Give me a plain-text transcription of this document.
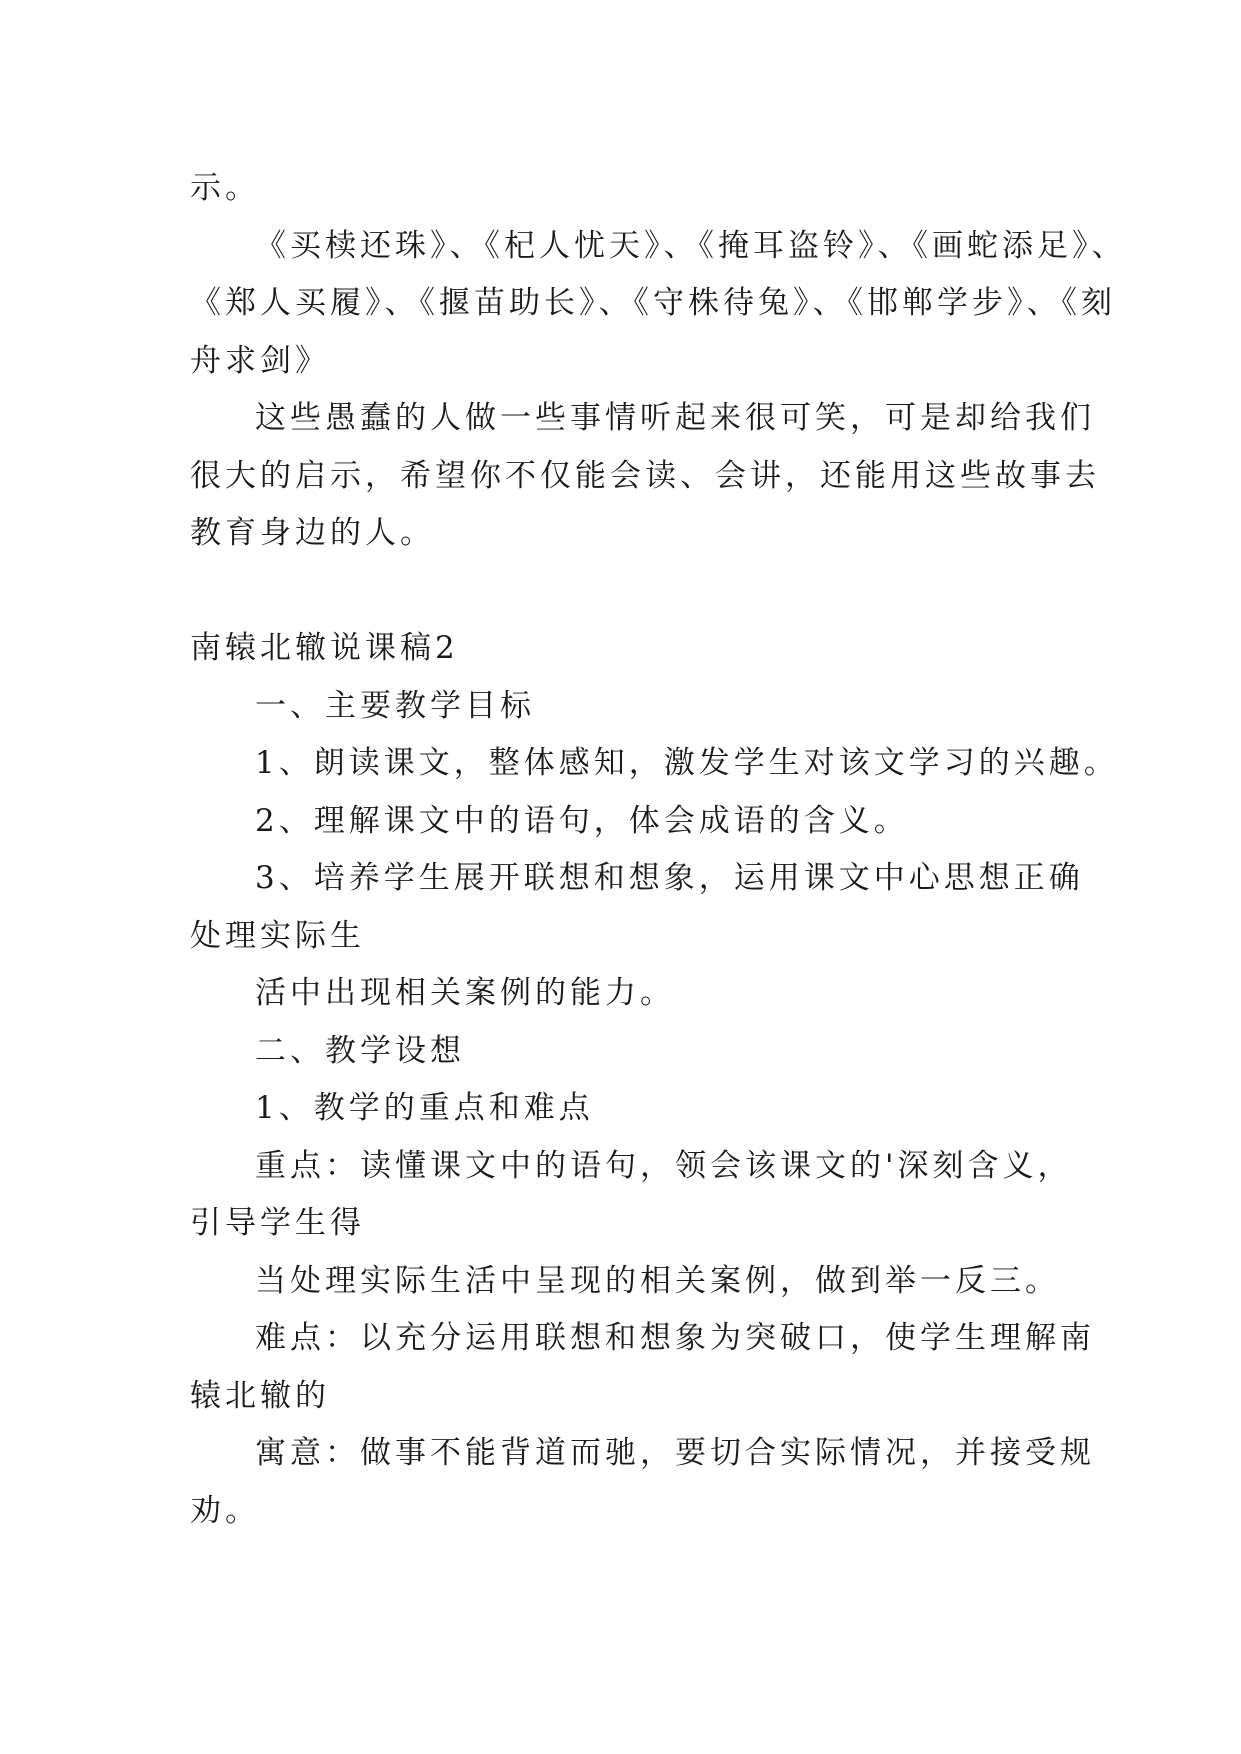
示。
《买椟还珠》、《杞人忧天》、《掩耳盗铃》、《画蛇添足》、
《郑人买履》、《揠苗助长》、《守株待兔》、《邯郸学步》、《刻
舟求剑》
这些愚蠢的人做一些事情听起来很可笑，可是却给我们
很大的启示，希望你不仅能会读、会讲，还能用这些故事去
教育身边的人。
南辕北辙说课稿2
一、主要教学目标
1、朗读课文，整体感知，激发学生对该文学习的兴趣。
2、理解课文中的语句，体会成语的含义。
3、培养学生展开联想和想象，运用课文中心思想正确
处理实际生
活中出现相关案例的能力。
二、教学设想
1、教学的重点和难点
重点：读懂课文中的语句，领会该课文的'深刻含义，
引导学生得
当处理实际生活中呈现的相关案例，做到举一反三。
难点：以充分运用联想和想象为突破口，使学生理解南
辕北辙的
寓意：做事不能背道而驰，要切合实际情况，并接受规
劝。
